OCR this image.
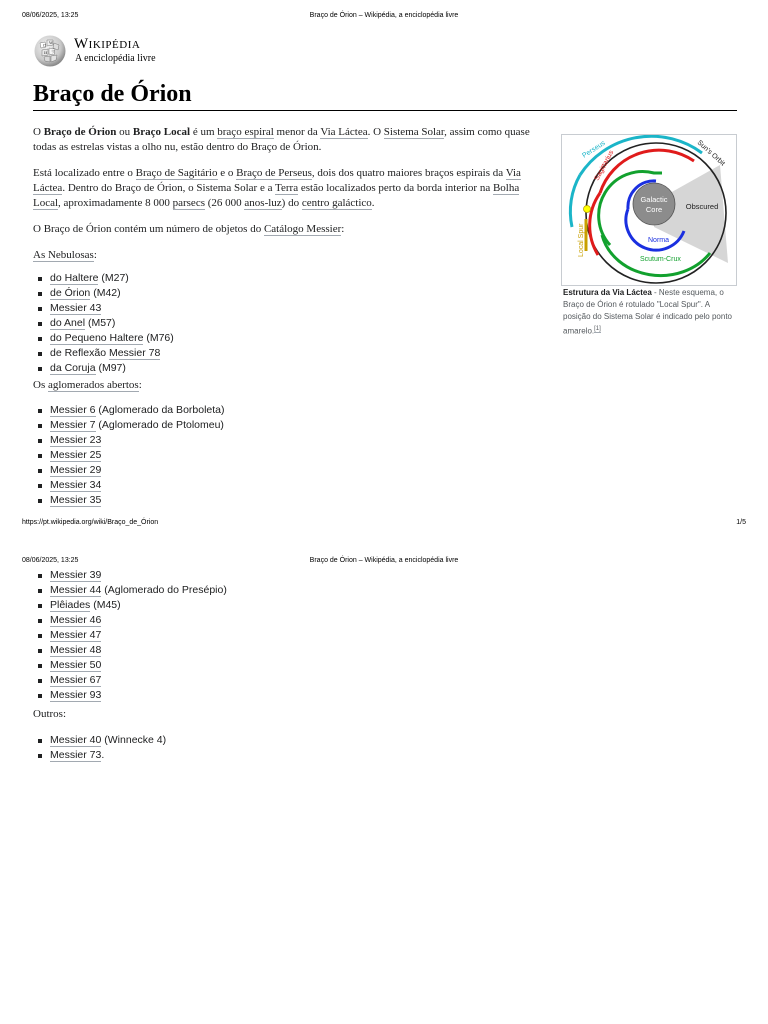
08/06/2025, 13:25	Braço de Órion – Wikipédia, a enciclopédia livre
Ω W
И ウ Wikipédia
A enciclopédia livre
Braço de Órion

O Braço de Órion ou Braço Local é um braço espiral menor da Via Láctea. O Sistema Solar, assim como quase todas as estrelas vistas a olho nu, estão dentro do Braço de Órion.

Está localizado entre o Braço de Sagitário e o Braço de Perseus, dois dos quatro maiores braços espirais da Via Láctea. Dentro do Braço de Órion, o Sistema Solar e a Terra estão localizados perto da borda interior na Bolha Local, aproximadamente 8 000 parsecs (26 000 anos-luz) do centro galáctico.

O Braço de Órion contém um número de objetos do Catálogo Messier:

As Nebulosas:

do Haltere (M27)
de Órion (M42)
Messier 43
do Anel (M57)
do Pequeno Haltere (M76)
de Reflexão Messier 78
da Coruja (M97)

Os aglomerados abertos:

Messier 6 (Aglomerado da Borboleta)
Messier 7 (Aglomerado de Ptolomeu)
Messier 23
Messier 25
Messier 29
Messier 34
Messier 35
Galactic
Core	Obscured
Perseus
Sagittarius	Sun's Orbit
Local Spur	Norma
Scutum-Crux
Estrutura da Via Láctea - Neste esquema, o Braço de Órion é rotulado "Local Spur". A posição do Sistema Solar é indicado pelo ponto amarelo.[1]
https://pt.wikipedia.org/wiki/Braço_de_Órion	1/5
08/06/2025, 13:25	Braço de Órion – Wikipédia, a enciclopédia livre
Messier 39
Messier 44 (Aglomerado do Presépio)
Plêiades (M45)
Messier 46
Messier 47
Messier 48
Messier 50
Messier 67
Messier 93

Outros:

Messier 40 (Winnecke 4)
Messier 73.
